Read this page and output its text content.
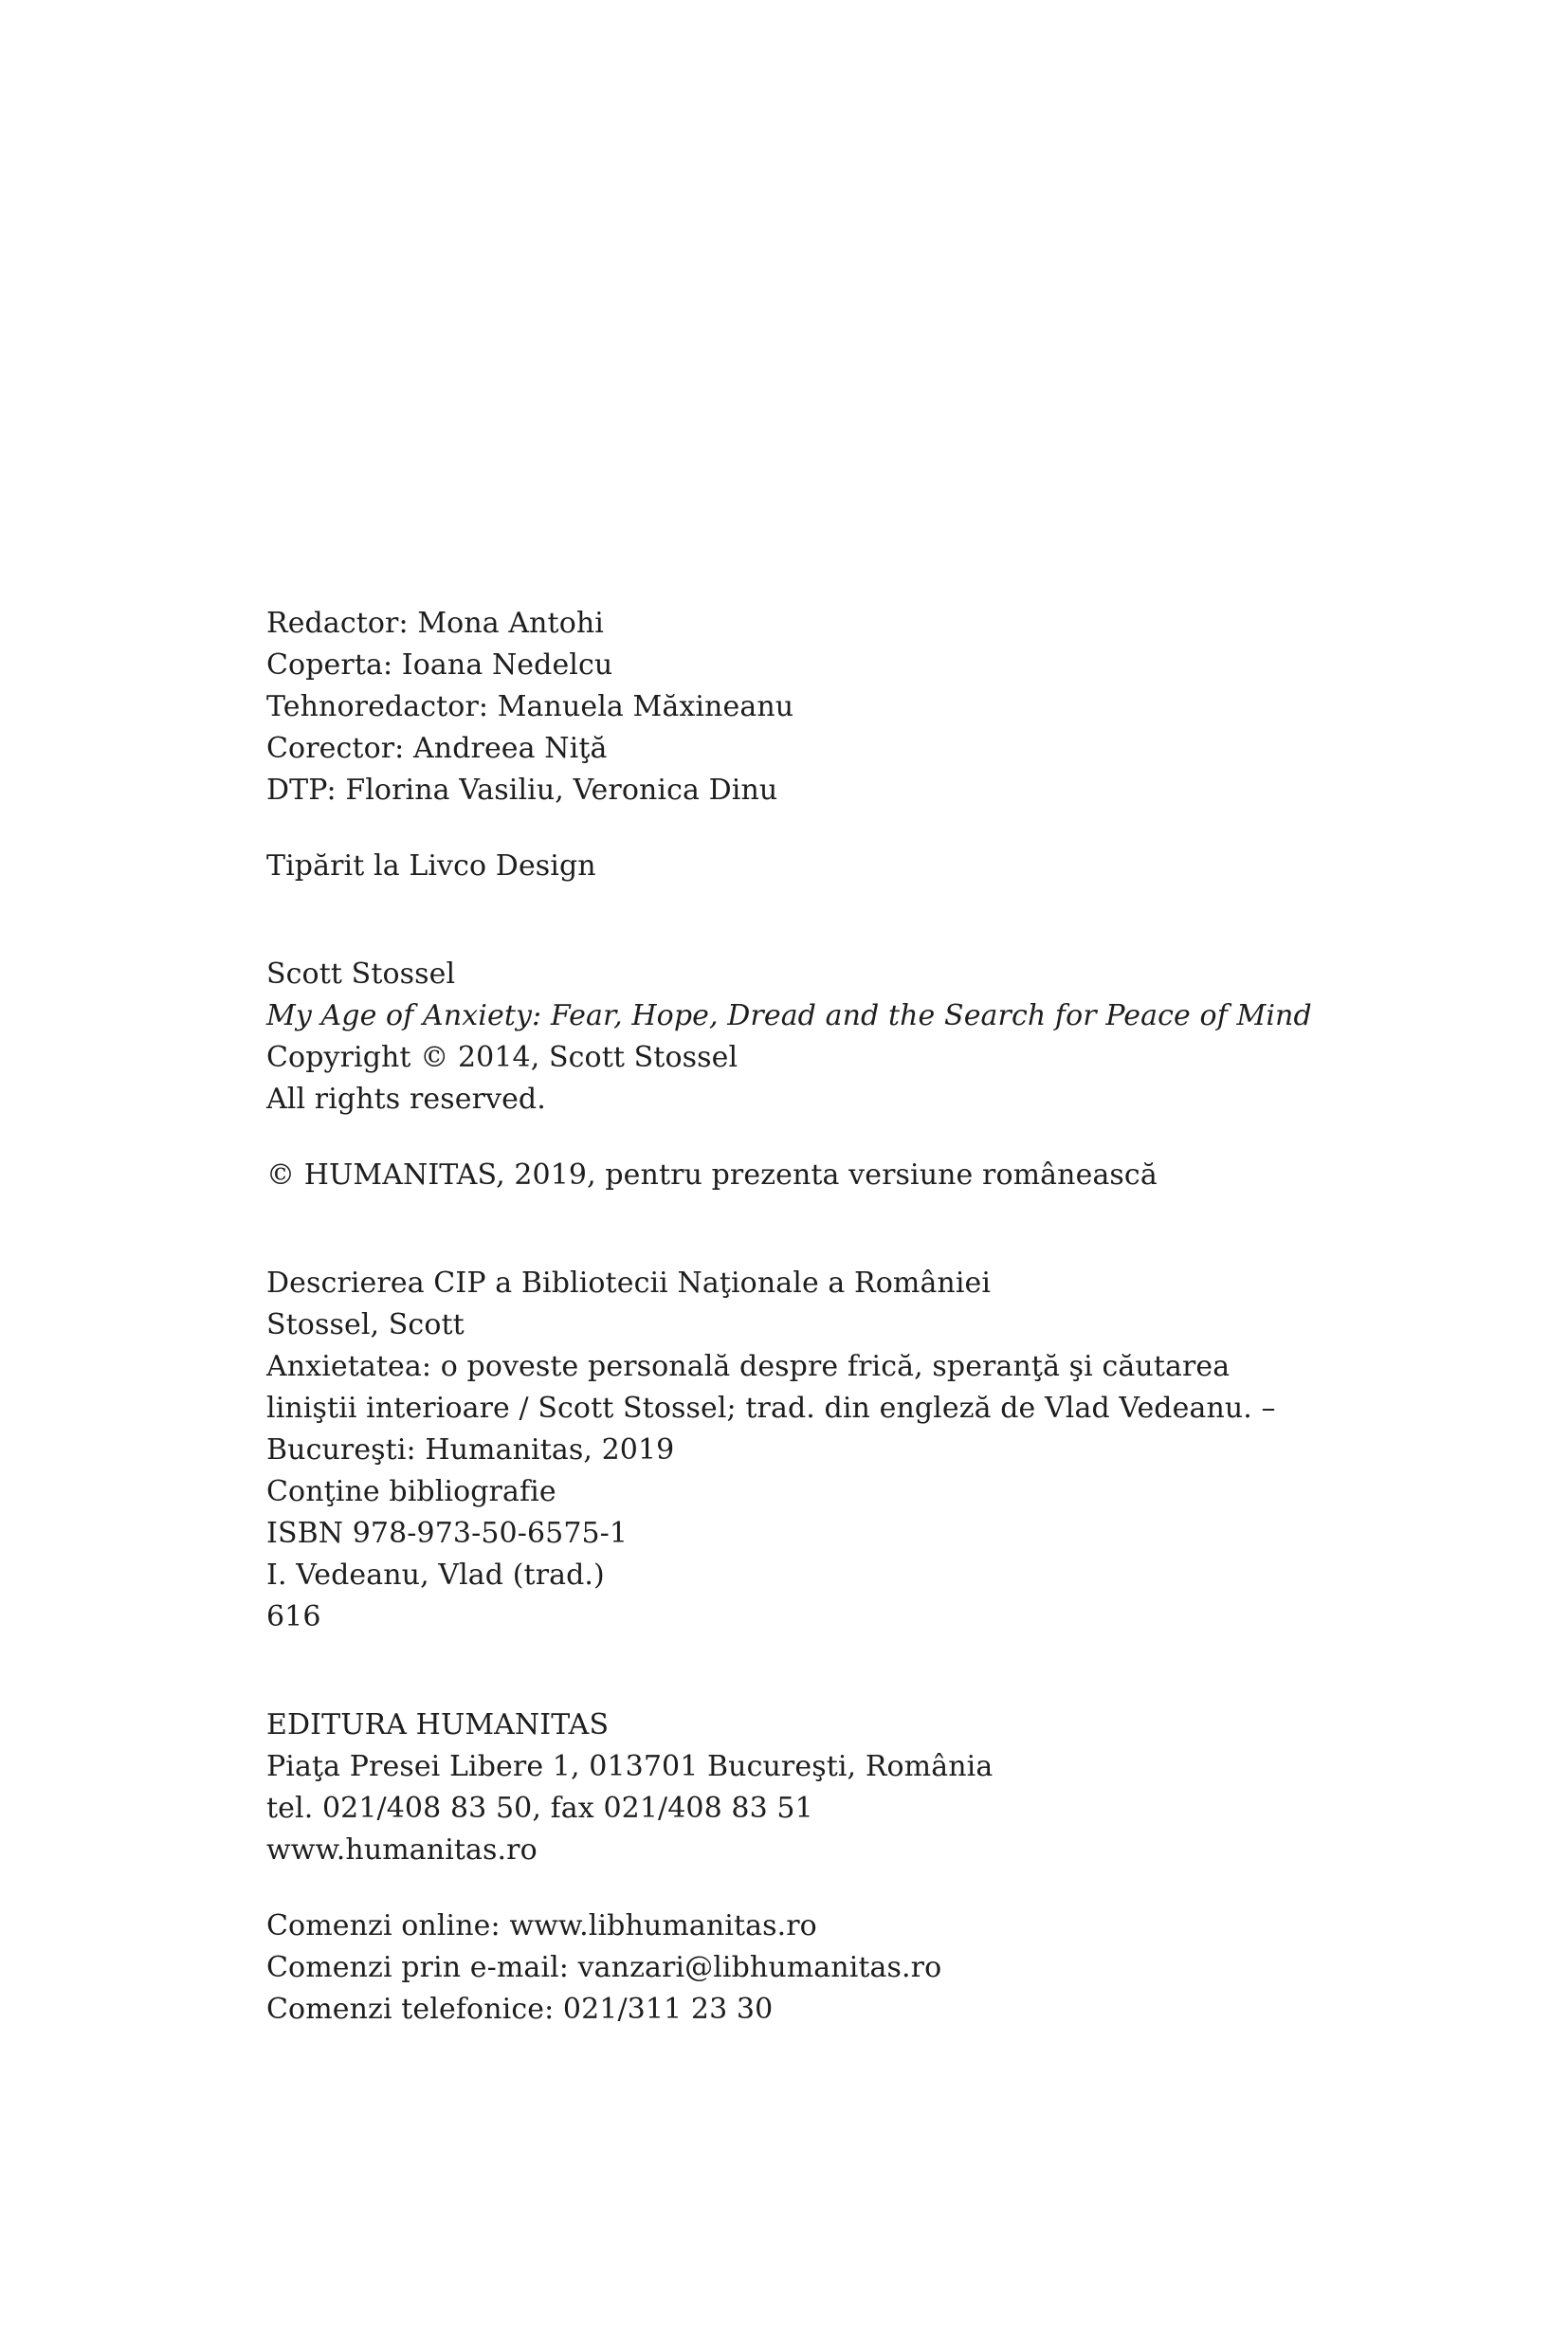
Redactor: Mona Antohi
Coperta: Ioana Nedelcu
Tehnoredactor: Manuela Măxineanu
Corector: Andreea Niţă
DTP: Florina Vasiliu, Veronica Dinu
Tipărit la Livco Design
Scott Stossel
My Age of Anxiety: Fear, Hope, Dread and the Search for Peace of Mind
Copyright © 2014, Scott Stossel
All rights reserved.
© HUMANITAS, 2019, pentru prezenta versiune românească
Descrierea CIP a Bibliotecii Naţionale a României
Stossel, Scott
Anxietatea: o poveste personală despre frică, speranţă şi căutarea
liniştii interioare / Scott Stossel; trad. din engleză de Vlad Vedeanu. –
Bucureşti: Humanitas, 2019
Conţine bibliografie
ISBN 978-973-50-6575-1
I. Vedeanu, Vlad (trad.)
616
EDITURA HUMANITAS
Piaţa Presei Libere 1, 013701 Bucureşti, România
tel. 021/408 83 50, fax 021/408 83 51
www.humanitas.ro
Comenzi online: www.libhumanitas.ro
Comenzi prin e-mail: vanzari@libhumanitas.ro
Comenzi telefonice: 021/311 23 30
